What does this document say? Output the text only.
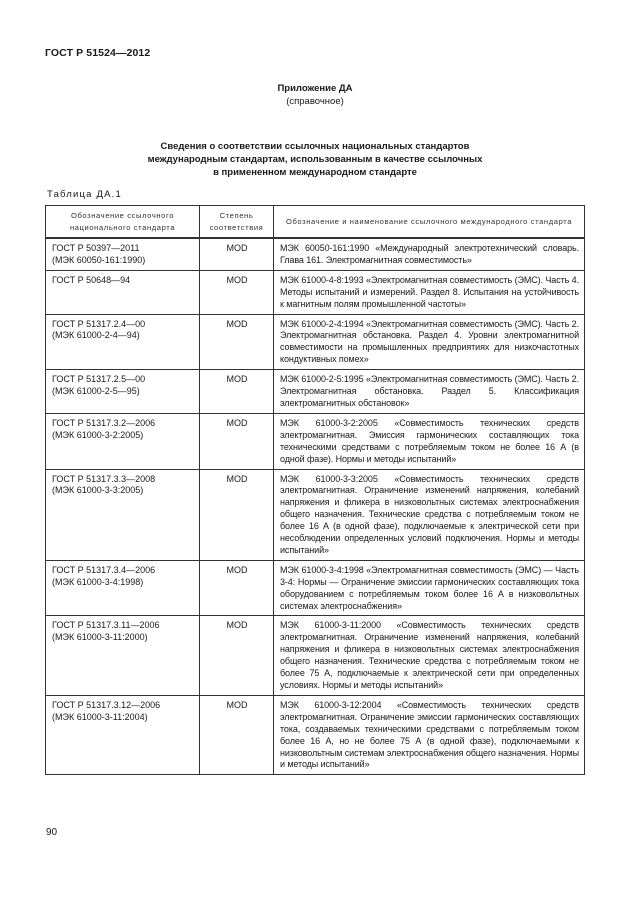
ГОСТ Р 51524—2012
Приложение ДА
(справочное)
Сведения о соответствии ссылочных национальных стандартов
международным стандартам, использованным в качестве ссылочных
в примененном международном стандарте
Таблица ДА.1
Обозначение ссылочного национального стандарта	Степень соответствия	Обозначение и наименование ссылочного международного стандарта
ГОСТ Р 50397—2011
(МЭК 60050-161:1990)	MOD	МЭК 60050-161:1990 «Международный электротехнический словарь. Глава 161. Электромагнитная совместимость»
ГОСТ Р 50648—94	MOD	МЭК 61000-4-8:1993 «Электромагнитная совместимость (ЭМС). Часть 4. Методы испытаний и измерений. Раздел 8. Испытания на устойчивость к магнитным полям промышленной частоты»
ГОСТ Р 51317.2.4—00
(МЭК 61000-2-4—94)	MOD	МЭК 61000-2-4:1994 «Электромагнитная совместимость (ЭМС). Часть 2. Электромагнитная обстановка. Раздел 4. Уровни электромагнитной совместимости на промышленных предприятиях для низкочастотных кондуктивных помех»
ГОСТ Р 51317.2.5—00
(МЭК 61000-2-5—95)	MOD	МЭК 61000-2-5:1995 «Электромагнитная совместимость (ЭМС). Часть 2. Электромагнитная обстановка. Раздел 5. Классификация электромагнитных обстановок»
ГОСТ Р 51317.3.2—2006
(МЭК 61000-3-2:2005)	MOD	МЭК 61000-3-2:2005 «Совместимость технических средств электромагнитная. Эмиссия гармонических составляющих тока техническими средствами с потребляемым током не более 16 А (в одной фазе). Нормы и методы испытаний»
ГОСТ Р 51317.3.3—2008
(МЭК 61000-3-3:2005)	MOD	МЭК 61000-3-3:2005 «Совместимость технических средств электромагнитная. Ограничение изменений напряжения, колебаний напряжения и фликера в низковольтных системах электроснабжения общего назначения. Технические средства с потребляемым током не более 16 А (в одной фазе), подключаемые к электрической сети при несоблюдении определенных условий подключения. Нормы и методы испытаний»
ГОСТ Р 51317.3.4—2006
(МЭК 61000-3-4:1998)	MOD	МЭК 61000-3-4:1998 «Электромагнитная совместимость (ЭМС) — Часть 3-4: Нормы — Ограничение эмиссии гармонических составляющих тока оборудованием с потребляемым током более 16 А в низковольтных системах электроснабжения»
ГОСТ Р 51317.3.11—2006
(МЭК 61000-3-11:2000)	MOD	МЭК 61000-3-11:2000 «Совместимость технических средств электромагнитная. Ограничение изменений напряжения, колебаний напряжения и фликера в низковольтных системах электроснабжения общего назначения. Технические средства с потребляемым током не более 75 А, подключаемые к электрической сети при определенных условиях. Нормы и методы испытаний»
ГОСТ Р 51317.3.12—2006
(МЭК 61000-3-11:2004)	MOD	МЭК 61000-3-12:2004 «Совместимость технических средств электромагнитная. Ограничение эмиссии гармонических составляющих тока, создаваемых техническими средствами с потребляемым током более 16 А, но не более 75 А (в одной фазе), подключаемыми к низковольтным системам электроснабжения общего назначения. Нормы и методы испытаний»
90
